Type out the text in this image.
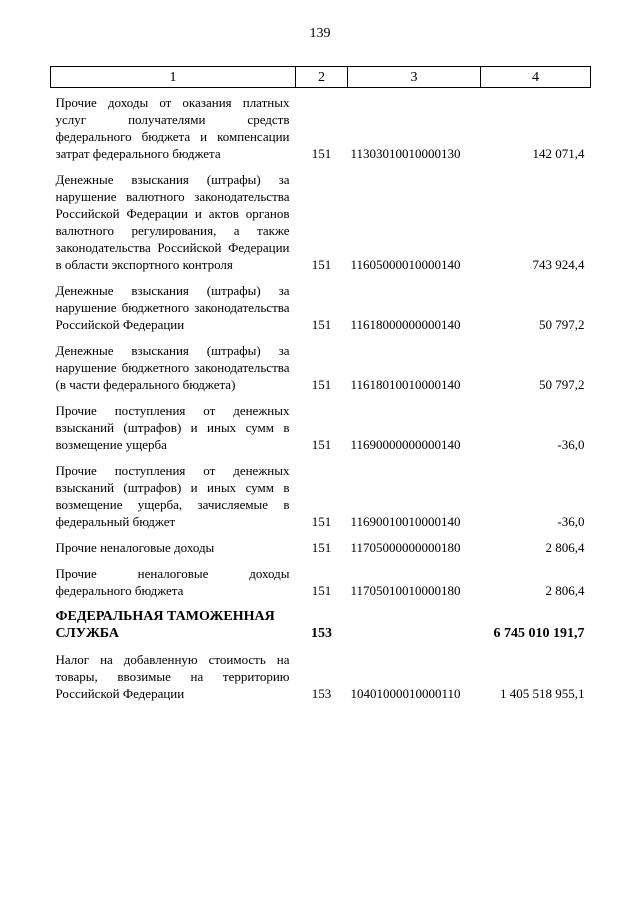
139
1	2	3	4

Прочие доходы от оказания платных услуг получателями средств федерального бюджета и компенсации затрат федерального бюджета	151	11303010010000130	142 071,4

Денежные взыскания (штрафы) за нарушение валютного законодательства Российской Федерации и актов органов валютного регулирования, а также законодательства Российской Федерации в области экспортного контроля	151	11605000010000140	743 924,4

Денежные взыскания (штрафы) за нарушение бюджетного законодательства Российской Федерации	151	11618000000000140	50 797,2

Денежные взыскания (штрафы) за нарушение бюджетного законодательства (в части федерального бюджета)	151	11618010010000140	50 797,2

Прочие поступления от денежных взысканий (штрафов) и иных сумм в возмещение ущерба	151	11690000000000140	-36,0

Прочие поступления от денежных взысканий (штрафов) и иных сумм в возмещение ущерба, зачисляемые в федеральный бюджет	151	11690010010000140	-36,0

Прочие неналоговые доходы	151	11705000000000180	2 806,4

Прочие неналоговые доходы федерального бюджета	151	11705010010000180	2 806,4

ФЕДЕРАЛЬНАЯ ТАМОЖЕННАЯ СЛУЖБА	153		6 745 010 191,7

Налог на добавленную стоимость на товары, ввозимые на территорию Российской Федерации	153	10401000010000110	1 405 518 955,1
